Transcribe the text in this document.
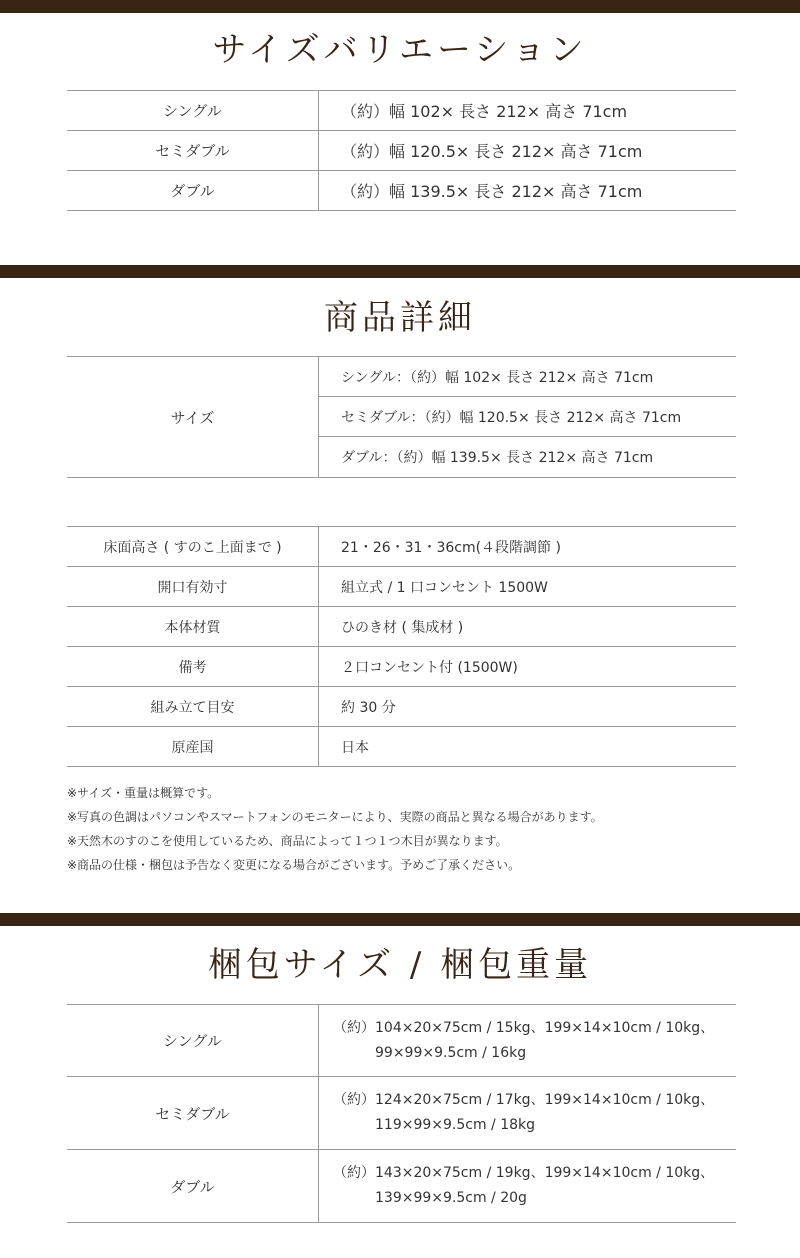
サイズバリエーション
シングル	（約）幅 102× 長さ 212× 高さ 71cm
セミダブル	（約）幅 120.5× 長さ 212× 高さ 71cm
ダブル	（約）幅 139.5× 長さ 212× 高さ 71cm
商品詳細
サイズ
シングル：（約）幅 102× 長さ 212× 高さ 71cm
セミダブル：（約）幅 120.5× 長さ 212× 高さ 71cm
ダブル：（約）幅 139.5× 長さ 212× 高さ 71cm
床面高さ ( すのこ上面まで )	21・26・31・36cm(４段階調節 )
開口有効寸	組立式 / 1 口コンセント 1500W
本体材質	ひのき材 ( 集成材 )
備考	２口コンセント付 (1500W)
組み立て目安	約 30 分
原産国	日本
※サイズ・重量は概算です。
※写真の色調はパソコンやスマートフォンのモニターにより、実際の商品と異なる場合があります。
※天然木のすのこを使用しているため、商品によって１つ１つ木目が異なります。
※商品の仕様・梱包は予告なく変更になる場合がございます。予めご了承ください。
梱包サイズ / 梱包重量
シングル
（約）104×20×75cm / 15kg、199×14×10cm / 10kg、
99×99×9.5cm / 16kg
セミダブル
（約）124×20×75cm / 17kg、199×14×10cm / 10kg、
119×99×9.5cm / 18kg
ダブル
（約）143×20×75cm / 19kg、199×14×10cm / 10kg、
139×99×9.5cm / 20g
